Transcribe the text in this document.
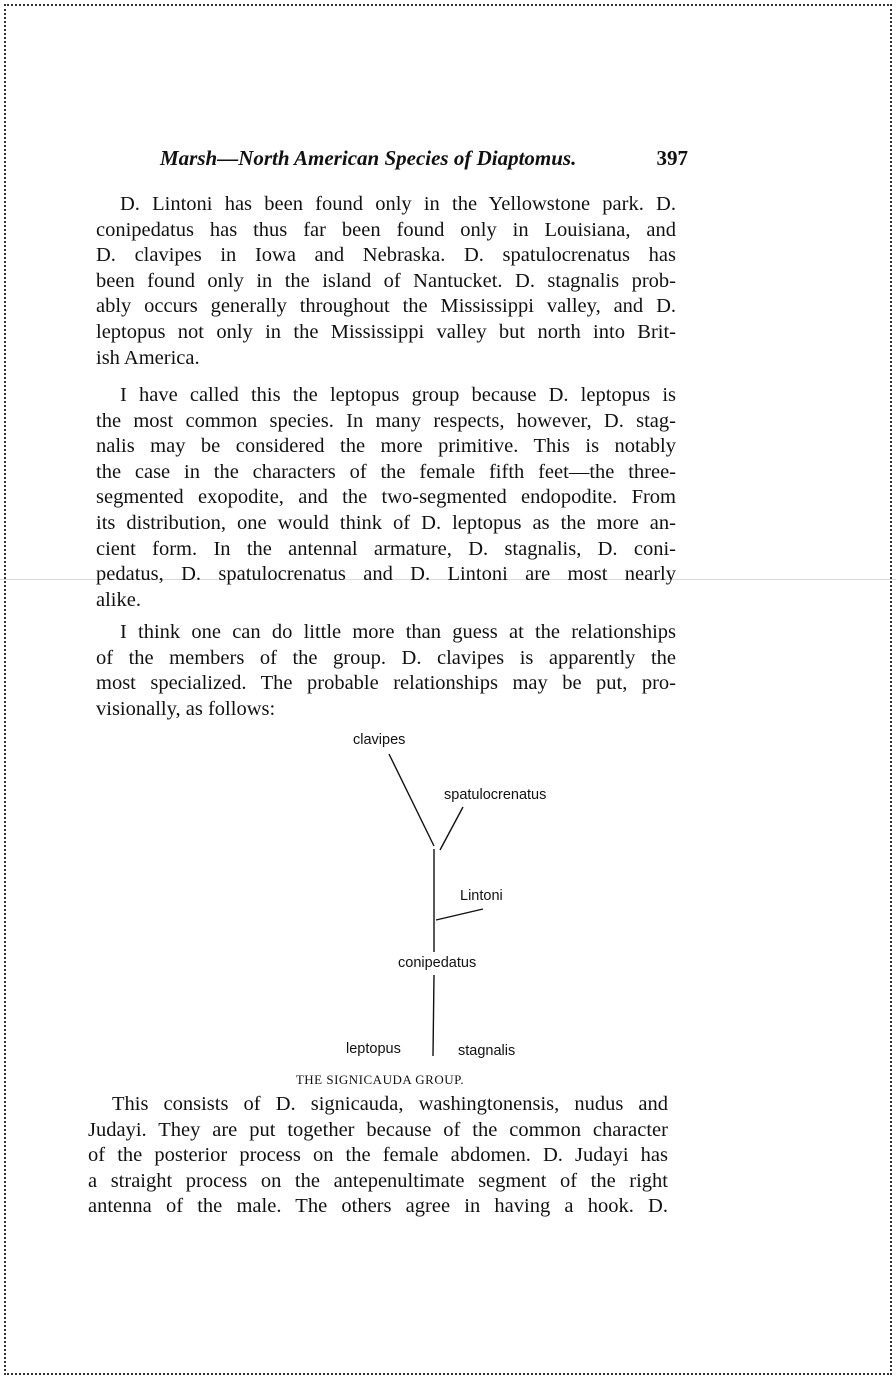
Marsh—North American Species of Diaptomus.	397
D. Lintoni has been found only in the Yellowstone park. D.
conipedatus has thus far been found only in Louisiana, and
D. clavipes in Iowa and Nebraska. D. spatulocrenatus has
been found only in the island of Nantucket. D. stagnalis prob-
ably occurs generally throughout the Mississippi valley, and D.
leptopus not only in the Mississippi valley but north into Brit-
ish America.
I have called this the leptopus group because D. leptopus is
the most common species. In many respects, however, D. stag-
nalis may be considered the more primitive. This is notably
the case in the characters of the female fifth feet—the three-
segmented exopodite, and the two-segmented endopodite. From
its distribution, one would think of D. leptopus as the more an-
cient form. In the antennal armature, D. stagnalis, D. coni-
pedatus, D. spatulocrenatus and D. Lintoni are most nearly
alike.
I think one can do little more than guess at the relationships
of the members of the group. D. clavipes is apparently the
most specialized. The probable relationships may be put, pro-
visionally, as follows:
clavipes
spatulocrenatus
Lintoni
conipedatus
leptopus	stagnalis
THE SIGNICAUDA GROUP.
This consists of D. signicauda, washingtonensis, nudus and
Judayi. They are put together because of the common character
of the posterior process on the female abdomen. D. Judayi has
a straight process on the antepenultimate segment of the right
antenna of the male. The others agree in having a hook. D.
